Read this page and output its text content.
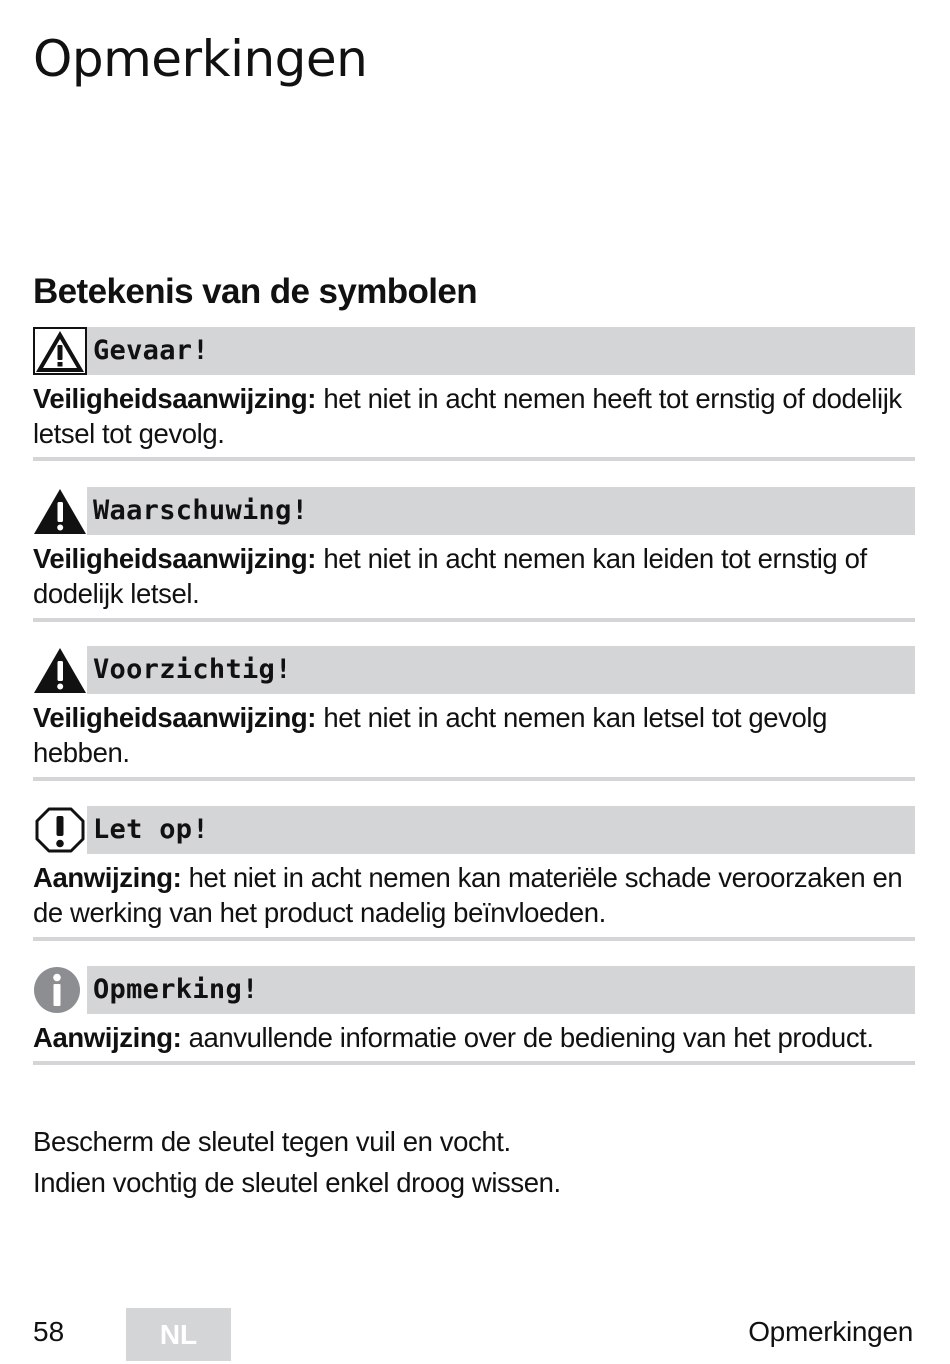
Opmerkingen
Betekenis van de symbolen
Gevaar!

Veiligheidsaanwijzing: het niet in acht nemen heeft tot ernstig of dodelijk letsel tot gevolg.

Waarschuwing!

Veiligheidsaanwijzing: het niet in acht nemen kan leiden tot ernstig of dodelijk letsel.

Voorzichtig!

Veiligheidsaanwijzing: het niet in acht nemen kan letsel tot gevolg hebben.

Let op!

Aanwijzing: het niet in acht nemen kan materiële schade veroorzaken en de werking van het product nadelig beïnvloeden.

Opmerking!

Aanwijzing: aanvullende informatie over de bediening van het product.

Bescherm de sleutel tegen vuil en vocht.

Indien vochtig de sleutel enkel droog wissen.

58	NL	Opmerkingen
